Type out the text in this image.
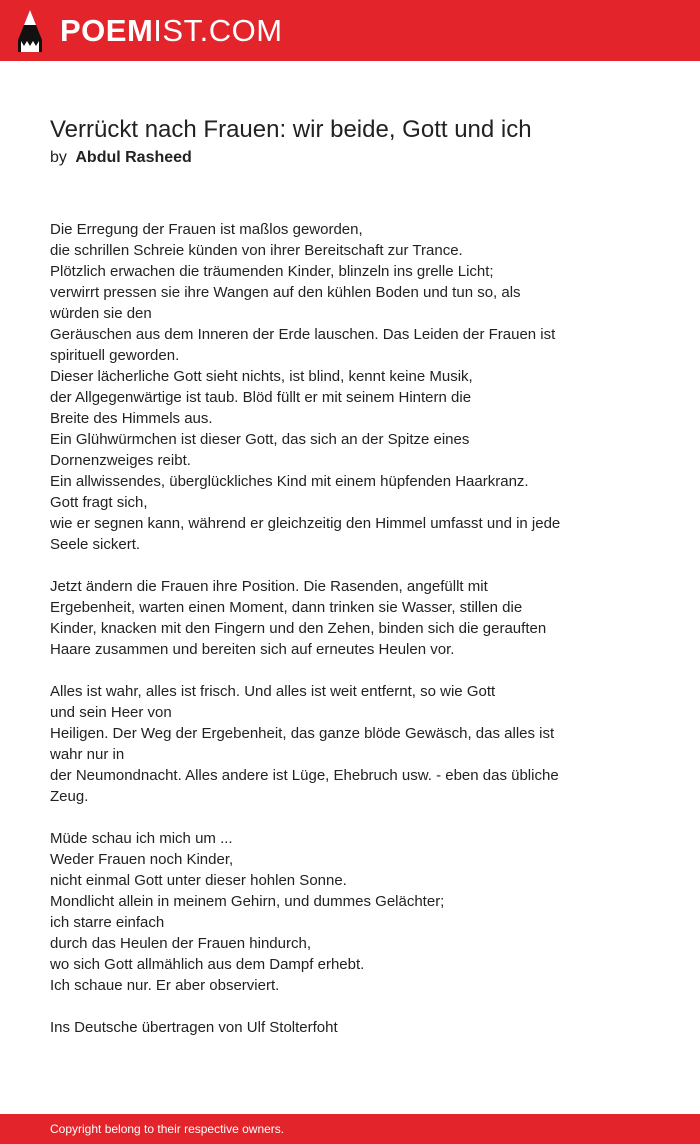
POEMIST.COM
Verrückt nach Frauen: wir beide, Gott und ich
by Abdul Rasheed

Die Erregung der Frauen ist maßlos geworden,
die schrillen Schreie künden von ihrer Bereitschaft zur Trance.
Plötzlich erwachen die träumenden Kinder, blinzeln ins grelle Licht;
verwirrt pressen sie ihre Wangen auf den kühlen Boden und tun so, als
würden sie den
Geräuschen aus dem Inneren der Erde lauschen. Das Leiden der Frauen ist
spirituell geworden.
Dieser lächerliche Gott sieht nichts, ist blind, kennt keine Musik,
der Allgegenwärtige ist taub. Blöd füllt er mit seinem Hintern die
Breite des Himmels aus.
Ein Glühwürmchen ist dieser Gott, das sich an der Spitze eines
Dornenzweiges reibt.
Ein allwissendes, überglückliches Kind mit einem hüpfenden Haarkranz.
Gott fragt sich,
wie er segnen kann, während er gleichzeitig den Himmel umfasst und in jede
Seele sickert.

Jetzt ändern die Frauen ihre Position. Die Rasenden, angefüllt mit
Ergebenheit, warten einen Moment, dann trinken sie Wasser, stillen die
Kinder, knacken mit den Fingern und den Zehen, binden sich die gerauften
Haare zusammen und bereiten sich auf erneutes Heulen vor.

Alles ist wahr, alles ist frisch. Und alles ist weit entfernt, so wie Gott
und sein Heer von
Heiligen. Der Weg der Ergebenheit, das ganze blöde Gewäsch, das alles ist
wahr nur in
der Neumondnacht. Alles andere ist Lüge, Ehebruch usw. - eben das übliche
Zeug.

Müde schau ich mich um ...
Weder Frauen noch Kinder,
nicht einmal Gott unter dieser hohlen Sonne.
Mondlicht allein in meinem Gehirn, und dummes Gelächter;
ich starre einfach
durch das Heulen der Frauen hindurch,
wo sich Gott allmählich aus dem Dampf erhebt.
Ich schaue nur. Er aber observiert.

Ins Deutsche übertragen von Ulf Stolterfoht

Copyright belong to their respective owners.
